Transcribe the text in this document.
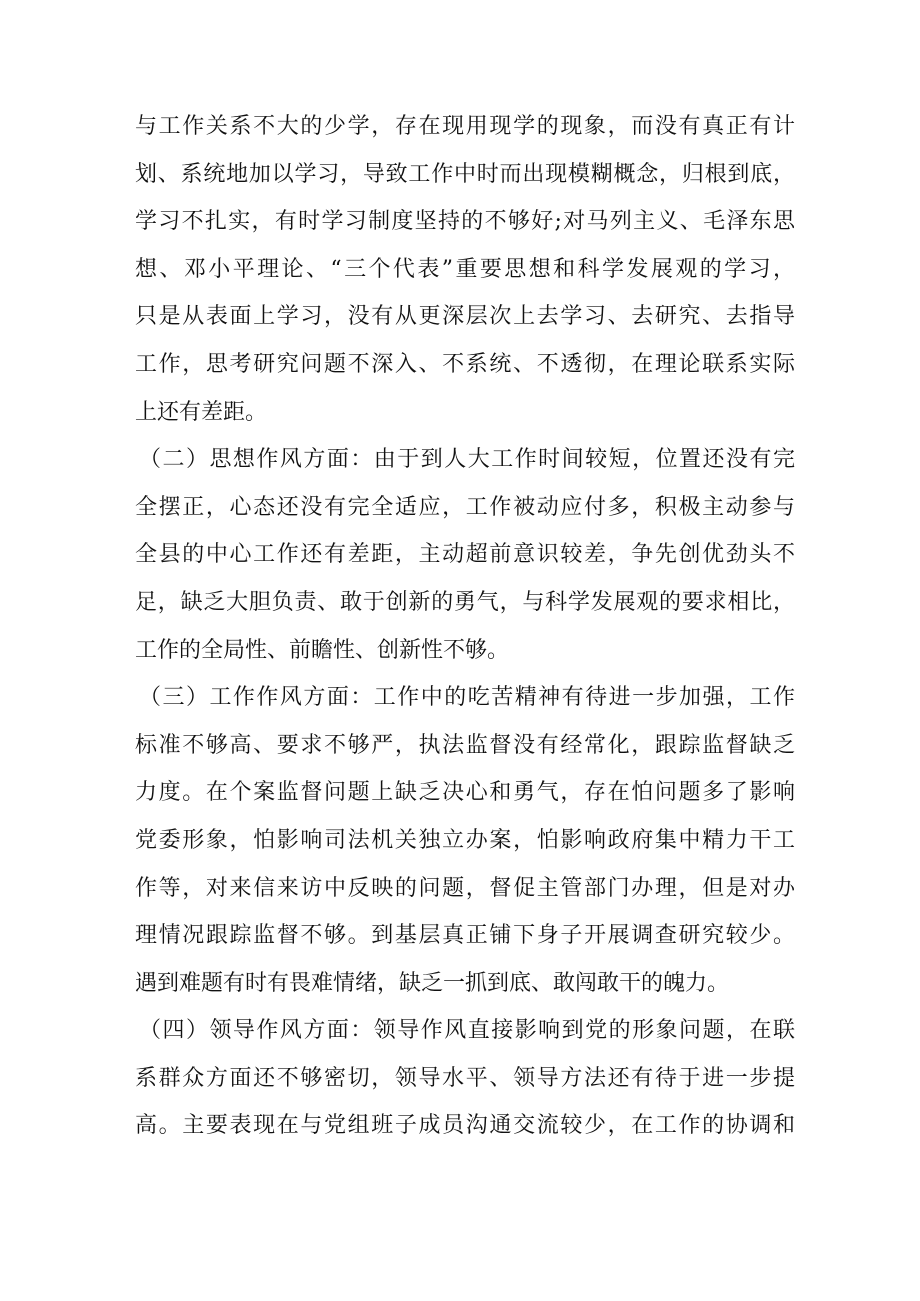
与工作关系不大的少学，存在现用现学的现象，而没有真正有计
划、系统地加以学习，导致工作中时而出现模糊概念，归根到底，
学习不扎实，有时学习制度坚持的不够好;对马列主义、毛泽东思
想、邓小平理论、“三个代表”重要思想和科学发展观的学习，
只是从表面上学习，没有从更深层次上去学习、去研究、去指导
工作，思考研究问题不深入、不系统、不透彻，在理论联系实际
上还有差距。
（二）思想作风方面：由于到人大工作时间较短，位置还没有完
全摆正，心态还没有完全适应，工作被动应付多，积极主动参与
全县的中心工作还有差距，主动超前意识较差，争先创优劲头不
足，缺乏大胆负责、敢于创新的勇气，与科学发展观的要求相比，
工作的全局性、前瞻性、创新性不够。
（三）工作作风方面：工作中的吃苦精神有待进一步加强，工作
标准不够高、要求不够严，执法监督没有经常化，跟踪监督缺乏
力度。在个案监督问题上缺乏决心和勇气，存在怕问题多了影响
党委形象，怕影响司法机关独立办案，怕影响政府集中精力干工
作等，对来信来访中反映的问题，督促主管部门办理，但是对办
理情况跟踪监督不够。到基层真正铺下身子开展调查研究较少。
遇到难题有时有畏难情绪，缺乏一抓到底、敢闯敢干的魄力。
（四）领导作风方面：领导作风直接影响到党的形象问题，在联
系群众方面还不够密切，领导水平、领导方法还有待于进一步提
高。主要表现在与党组班子成员沟通交流较少，在工作的协调和
